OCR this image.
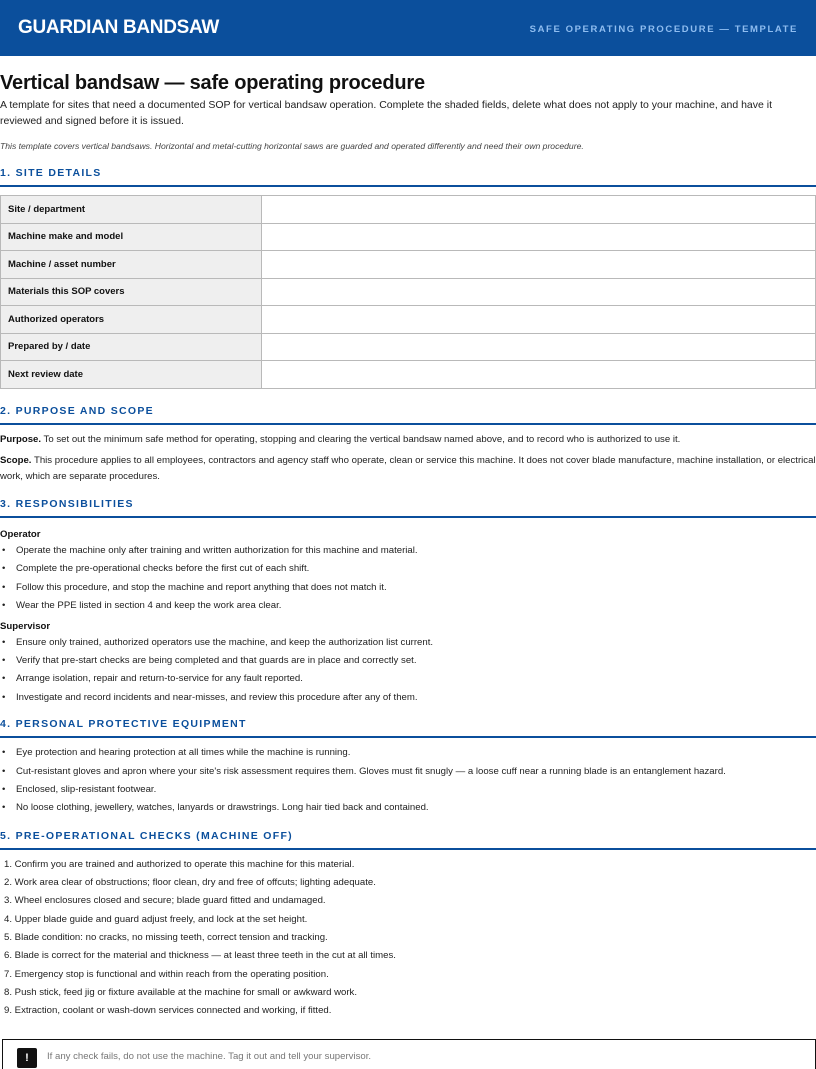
GUARDIAN BANDSAW	SAFE OPERATING PROCEDURE — TEMPLATE
Vertical bandsaw — safe operating procedure

A template for sites that need a documented SOP for vertical bandsaw operation. Complete the shaded fields, delete what does not apply to your machine, and have it reviewed and signed before it is issued.

This template covers vertical bandsaws. Horizontal and metal-cutting horizontal saws are guarded and operated differently and need their own procedure.

1. SITE DETAILS
Site / department	
Machine make and model	
Machine / asset number	
Materials this SOP covers	
Authorized operators	
Prepared by / date	
Next review date	
2. PURPOSE AND SCOPE

Purpose. To set out the minimum safe method for operating, stopping and clearing the vertical bandsaw named above, and to record who is authorized to use it.

Scope. This procedure applies to all employees, contractors and agency staff who operate, clean or service this machine. It does not cover blade manufacture, machine installation, or electrical work, which are separate procedures.

3. RESPONSIBILITIES
Operator
• Operate the machine only after training and written authorization for this machine and material.
• Complete the pre-operational checks before the first cut of each shift.
• Follow this procedure, and stop the machine and report anything that does not match it.
• Wear the PPE listed in section 4 and keep the work area clear.
Supervisor
• Ensure only trained, authorized operators use the machine, and keep the authorization list current.
• Verify that pre-start checks are being completed and that guards are in place and correctly set.
• Arrange isolation, repair and return-to-service for any fault reported.
• Investigate and record incidents and near-misses, and review this procedure after any of them.
4. PERSONAL PROTECTIVE EQUIPMENT
• Eye protection and hearing protection at all times while the machine is running.
• Cut-resistant gloves and apron where your site's risk assessment requires them. Gloves must fit snugly — a loose cuff near a running blade is an entanglement hazard.
• Enclosed, slip-resistant footwear.
• No loose clothing, jewellery, watches, lanyards or drawstrings. Long hair tied back and contained.
5. PRE-OPERATIONAL CHECKS (MACHINE OFF)
1. Confirm you are trained and authorized to operate this machine for this material.
2. Work area clear of obstructions; floor clean, dry and free of offcuts; lighting adequate.
3. Wheel enclosures closed and secure; blade guard fitted and undamaged.
4. Upper blade guide and guard adjust freely, and lock at the set height.
5. Blade condition: no cracks, no missing teeth, correct tension and tracking.
6. Blade is correct for the material and thickness — at least three teeth in the cut at all times.
7. Emergency stop is functional and within reach from the operating position.
8. Push stick, feed jig or fixture available at the machine for small or awkward work.
9. Extraction, coolant or wash-down services connected and working, if fitted.
!	If any check fails, do not use the machine. Tag it out and tell your supervisor.
